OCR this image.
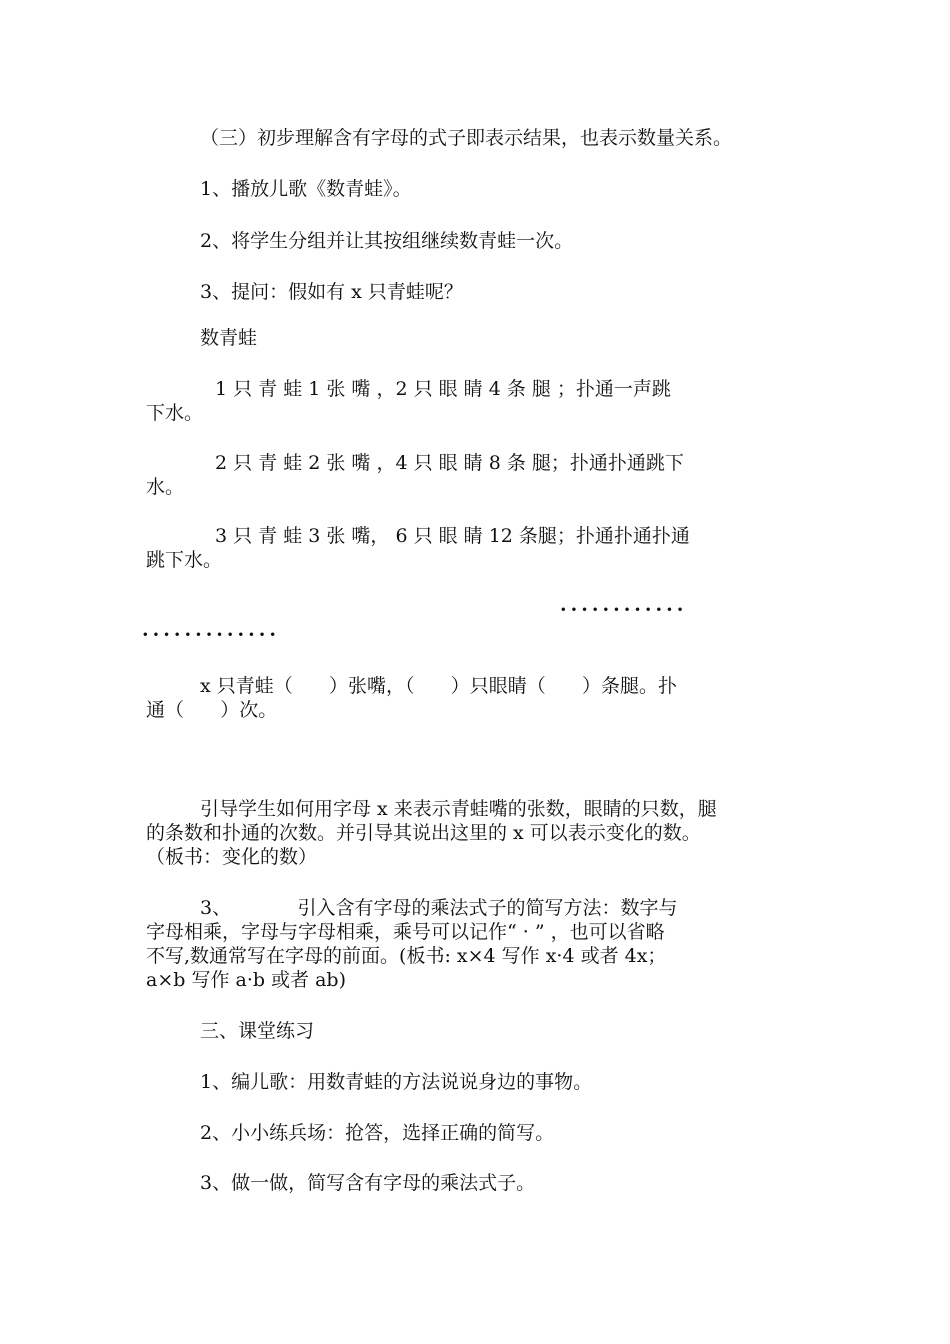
（三）初步理解含有字母的式子即表示结果，也表示数量关系。
1、播放儿歌《数青蛙》。
2、将学生分组并让其按组继续数青蛙一次。
3、提问：假如有 x 只青蛙呢？
数青蛙
1 只 青 蛙 1 张 嘴 ，2 只 眼 睛 4 条 腿 ；扑通一声跳
下水。
2 只 青 蛙 2 张 嘴 ，4 只 眼 睛 8 条 腿；扑通扑通跳下
水。
3 只 青 蛙 3 张 嘴， 6 只 眼 睛 12 条腿；扑通扑通扑通
跳下水。
············
·············
x 只青蛙（      ）张嘴，（      ）只眼睛（      ）条腿。扑
通（      ）次。
引导学生如何用字母 x 来表示青蛙嘴的张数，眼睛的只数，腿
的条数和扑通的次数。并引导其说出这里的 x 可以表示变化的数。
（板书：变化的数）
3、           引入含有字母的乘法式子的简写方法：数字与
字母相乘，字母与字母相乘，乘号可以记作“ · ” ，也可以省略
不写,数通常写在字母的前面。(板书: x×4 写作 x·4 或者 4x；
a×b 写作 a·b 或者 ab)
三、课堂练习
1、编儿歌：用数青蛙的方法说说身边的事物。
2、小小练兵场：抢答，选择正确的简写。
3、做一做，简写含有字母的乘法式子。
